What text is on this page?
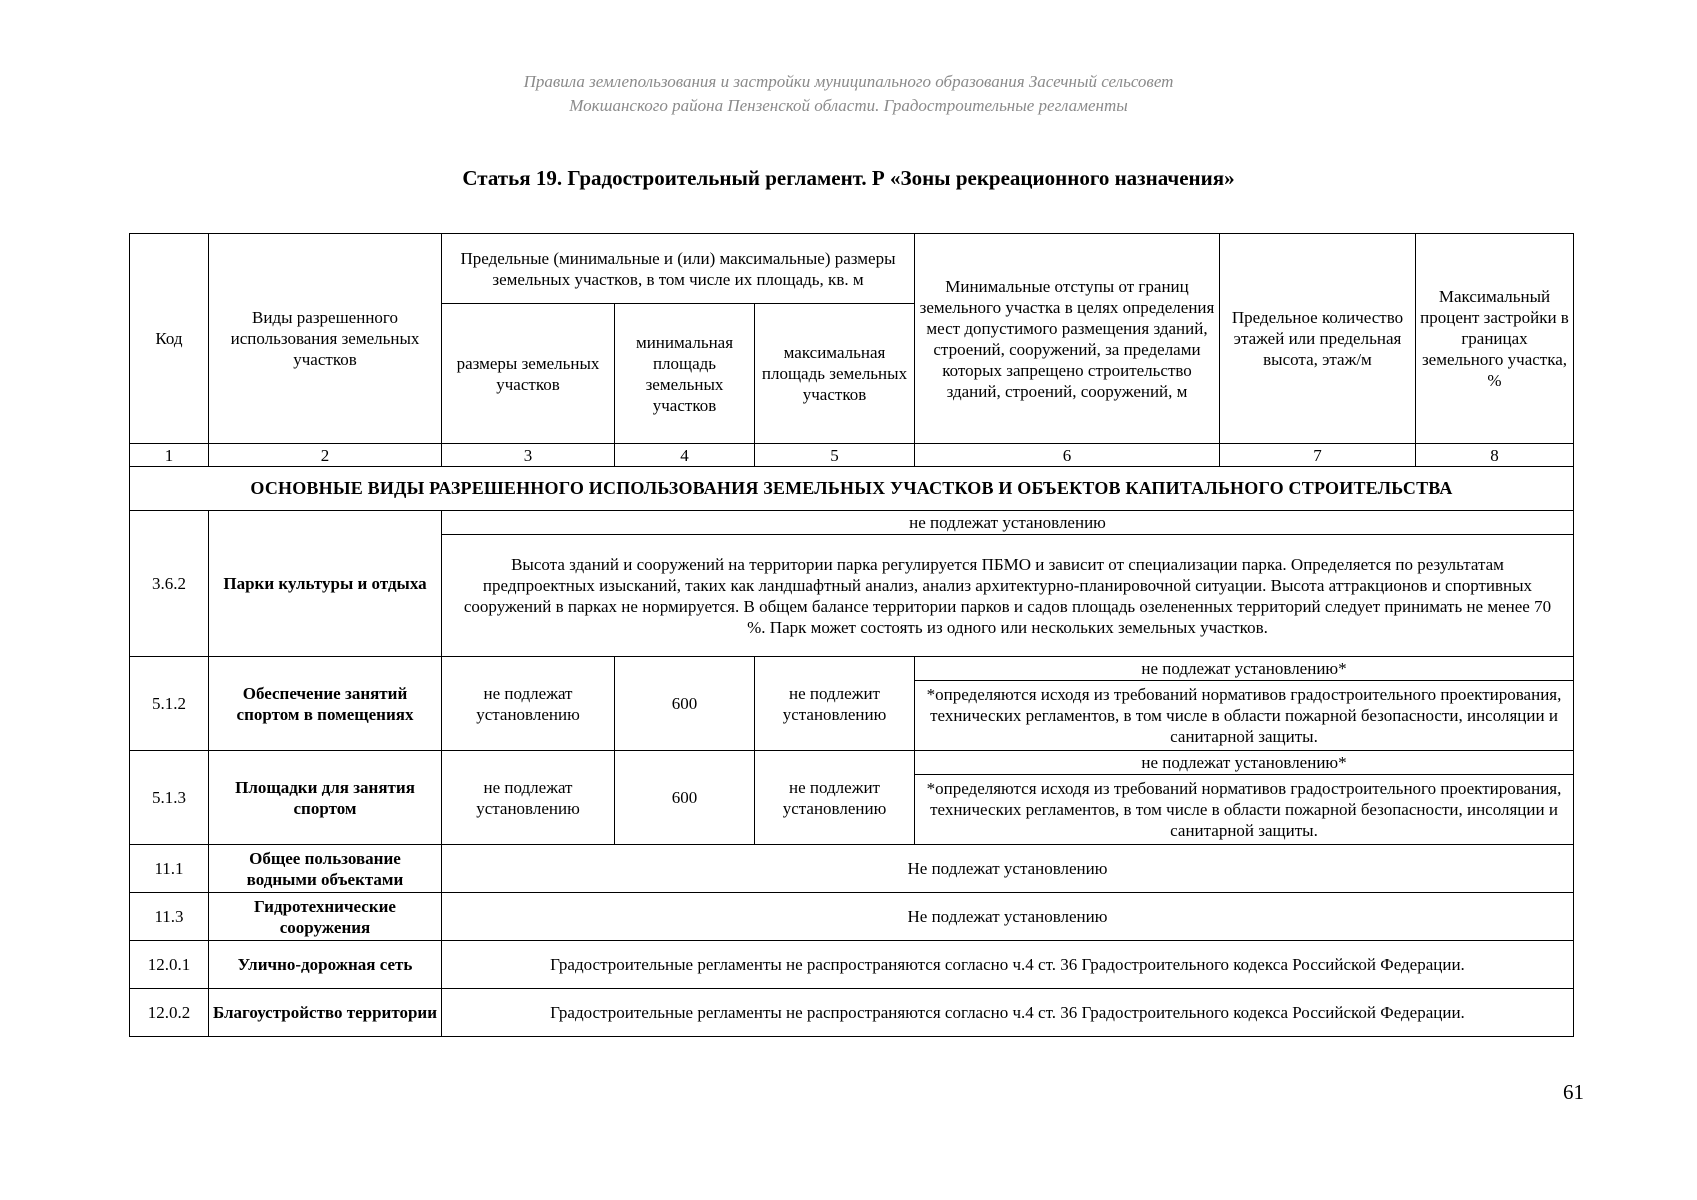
Правила землепользования и застройки муниципального образования Засечный сельсовет
Мокшанского района Пензенской области. Градостроительные регламенты
Статья 19. Градостроительный регламент. Р «Зоны рекреационного назначения»
Код	Виды разрешенного использования земельных участков	Предельные (минимальные и (или) максимальные) размеры земельных участков, в том числе их площадь, кв. м			Минимальные отступы от границ земельного участка в целях определения мест допустимого размещения зданий, строений, сооружений, за пределами которых запрещено строительство зданий, строений, сооружений, м	Предельное количество этажей или предельная высота, этаж/м	Максимальный процент застройки в границах земельного участка, %
		размеры земельных участков	минимальная площадь земельных участков	максимальная площадь земельных участков			
1	2	3	4	5	6	7	8
ОСНОВНЫЕ ВИДЫ РАЗРЕШЕННОГО ИСПОЛЬЗОВАНИЯ ЗЕМЕЛЬНЫХ УЧАСТКОВ И ОБЪЕКТОВ КАПИТАЛЬНОГО СТРОИТЕЛЬСТВА							
3.6.2	Парки культуры и отдыха	не подлежат установлению					
		Высота зданий и сооружений на территории парка регулируется ПБМО и зависит от специализации парка. Определяется по результатам предпроектных изысканий, таких как ландшафтный анализ, анализ архитектурно-планировочной ситуации. Высота аттракционов и спортивных сооружений в парках не нормируется. В общем балансе территории парков и садов площадь озелененных территорий следует принимать не менее 70 %. Парк может состоять из одного или нескольких земельных участков.					
5.1.2	Обеспечение занятий спортом в помещениях	не подлежат установлению	600	не подлежит установлению	не подлежат установлению*		
					*определяются исходя из требований нормативов градостроительного проектирования, технических регламентов, в том числе в области пожарной безопасности, инсоляции и санитарной защиты.		
5.1.3	Площадки для занятия спортом	не подлежат установлению	600	не подлежит установлению	не подлежат установлению*		
					*определяются исходя из требований нормативов градостроительного проектирования, технических регламентов, в том числе в области пожарной безопасности, инсоляции и санитарной защиты.		
11.1	Общее пользование водными объектами	Не подлежат установлению					
11.3	Гидротехнические сооружения	Не подлежат установлению					
12.0.1	Улично-дорожная сеть	Градостроительные регламенты не распространяются согласно ч.4 ст. 36 Градостроительного кодекса Российской Федерации.					
12.0.2	Благоустройство территории	Градостроительные регламенты не распространяются согласно ч.4 ст. 36 Градостроительного кодекса Российской Федерации.					
61
